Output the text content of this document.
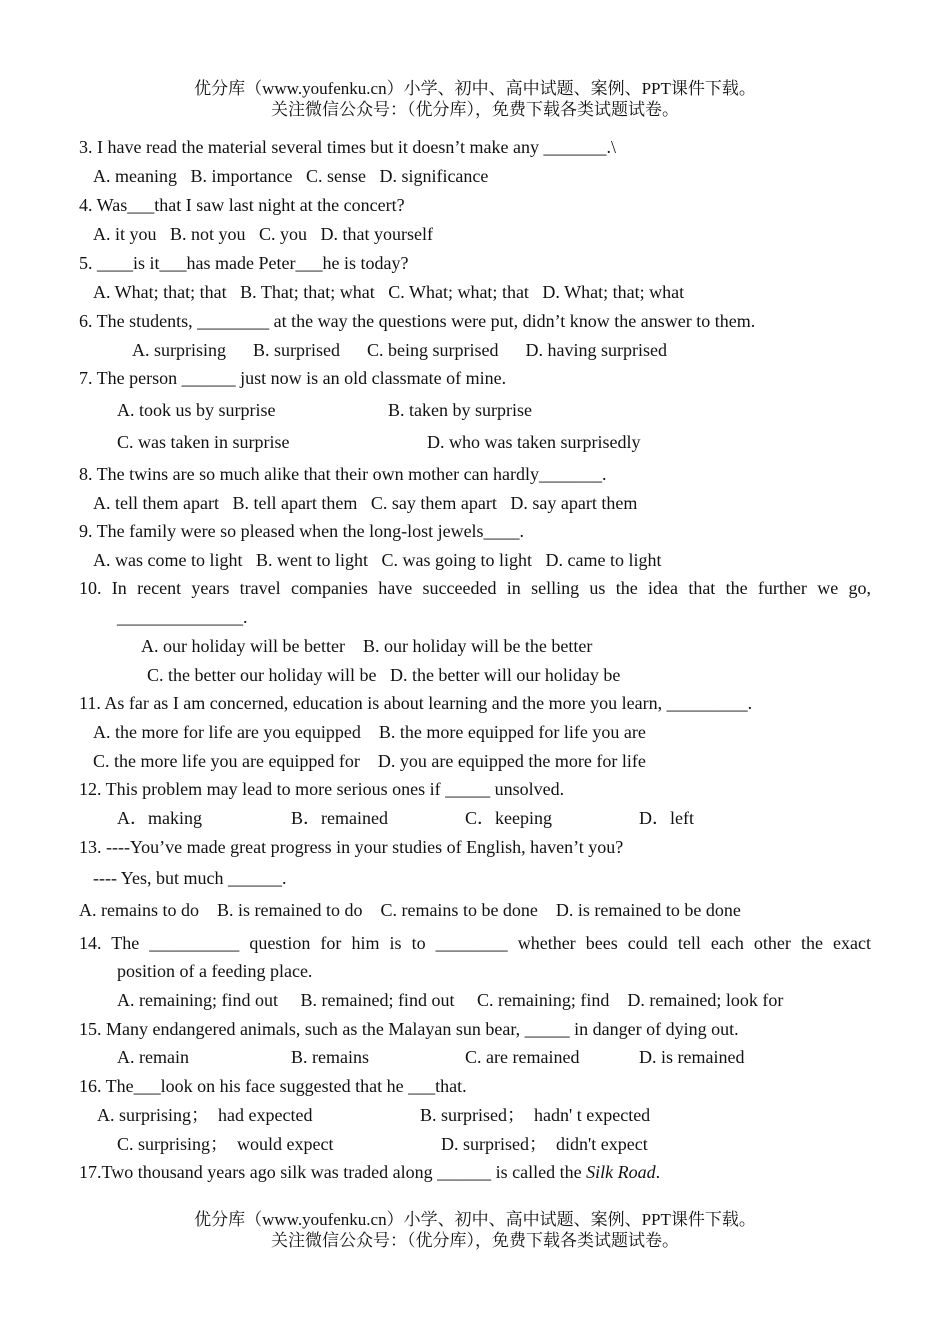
优分库（www.youfenku.cn）小学、初中、高中试题、案例、PPT课件下载。
关注微信公众号：（优分库），免费下载各类试题试卷。
3. I have read the material several times but it doesn’t make any _______.\
A. meaning   B. importance   C. sense   D. significance
4. Was___that I saw last night at the concert?
A. it you   B. not you   C. you   D. that yourself
5. ____is it___has made Peter___he is today?
A. What; that; that   B. That; that; what   C. What; what; that   D. What; that; what
6. The students, ________ at the way the questions were put, didn’t know the answer to them.
A. surprising      B. surprised      C. being surprised      D. having surprised
7. The person ______ just now is an old classmate of mine.
A. took us by surprise	B. taken by surprise
C. was taken in surprise	D. who was taken surprisedly
8. The twins are so much alike that their own mother can hardly_______.
A. tell them apart   B. tell apart them   C. say them apart   D. say apart them
9. The family were so pleased when the long-lost jewels____.
A. was come to light   B. went to light   C. was going to light   D. came to light
10. In recent years travel companies have succeeded in selling us the idea that the further we go,
______________.
A. our holiday will be better    B. our holiday will be the better
C. the better our holiday will be   D. the better will our holiday be
11. As far as I am concerned, education is about learning and the more you learn, _________.
A. the more for life are you equipped    B. the more equipped for life you are
C. the more life you are equipped for    D. you are equipped the more for life
12. This problem may lead to more serious ones if _____ unsolved.
A．making	B．remained	C．keeping	D．left
13. ----You’ve made great progress in your studies of English, haven’t you?
---- Yes, but much ______.
A. remains to do    B. is remained to do    C. remains to be done    D. is remained to be done
14. The __________ question for him is to ________ whether bees could tell each other the exact
position of a feeding place.
A. remaining; find out     B. remained; find out     C. remaining; find    D. remained; look for
15. Many endangered animals, such as the Malayan sun bear, _____ in danger of dying out.
A. remain	B. remains	C. are remained	D. is remained
16. The___look on his face suggested that he ___that.
A. surprising；  had expected	B. surprised；  hadn' t expected
C. surprising；  would expect	D. surprised；  didn't expect
17.Two thousand years ago silk was traded along ______ is called the Silk Road.
优分库（www.youfenku.cn）小学、初中、高中试题、案例、PPT课件下载。
关注微信公众号：（优分库），免费下载各类试题试卷。
